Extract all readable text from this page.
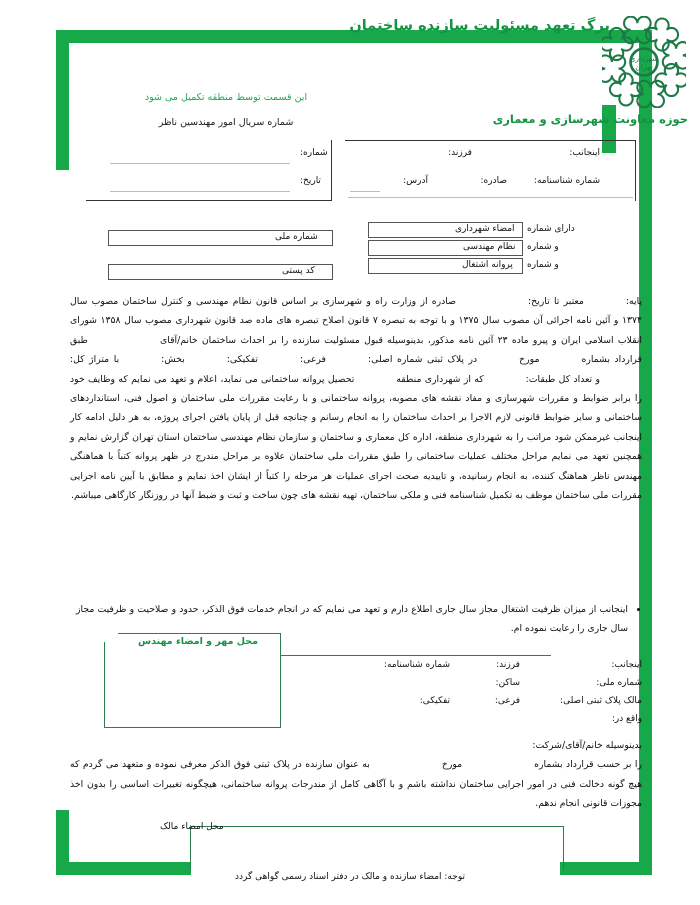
برگ تعهد مسئولیت سازنده ساختمان
شهرداری
تهران
حوزه معاونت شهرسازی و معماری
این قسمت توسط منطقه تکمیل می شود
شماره سریال امور مهندسین ناظر
شماره:
تاریخ:
اینجانب:
فرزند:
شماره شناسنامه:
صادره:
آدرس:
شماره ملی
کد پستی
امضاء شهرداری دارای شماره
نظام مهندسی و شماره
پروانه اشتغال و شماره

پایه:معتبر تا تاریخ:صادره از وزارت راه و شهرسازی بر اساس قانون نظام مهندسی و کنترل ساختمان مصوب سال ۱۳۷۴ و آئین نامه اجرائی آن مصوب سال ۱۳۷۵ و با توجه به تبصره ۷ قانون اصلاح تبصره های ماده صد قانون شهرداری مصوب سال ۱۳۵۸ شورای انقلاب اسلامی ایران و پیرو ماده ۲۳ آئین نامه مذکور، بدینوسیله قبول مسئولیت سازنده را بر احداث ساختمان خانم/آقایطبق قرارداد بشمارهمورخدر پلاک ثبتی شماره اصلی:فرعی:تفکیکی:بخش:با متراژ کل:و تعداد کل طبقات:که از شهرداری منطقهتحصیل پروانه ساختمانی می نماید، اعلام و تعهد می نمایم که وظایف خود را برابر ضوابط و مقررات شهرسازی و مفاد نقشه های مصوبه، پروانه ساختمانی و با رعایت مقررات ملی ساختمان و اصول فنی، استانداردهای ساختمانی و سایر ضوابط قانونی لازم الاجرا بر احداث ساختمان را به انجام رسانم و چنانچه قبل از پایان یافتن اجرای پروژه، به هر دلیل ادامه کار اینجانب غیرممکن شود مراتب را به شهرداری منطقه، اداره کل معماری و ساختمان و سازمان نظام مهندسی ساختمان استان تهران گزارش نمایم و همچنین تعهد می نمایم مراحل مختلف عملیات ساختمانی را طبق مقررات ملی ساختمان علاوه بر مراحل مندرج در ظهر پروانه کتباً با هماهنگی مهندس ناظر هماهنگ کننده، به انجام رسانیده، و تاییدیه صحت اجرای عملیات هر مرحله را کتباً از ایشان اخذ نمایم و مطابق با آیین نامه اجرایی مقررات ملی ساختمان موظف به تکمیل شناسنامه فنی و ملکی ساختمان، تهیه نقشه های چون ساخت و ثبت و ضبط آنها در روزنگار کارگاهی میباشم.

• اینجانب از میزان ظرفیت اشتغال مجاز سال جاری اطلاع دارم و تعهد می نمایم که در انجام خدمات فوق الذکر، حدود و صلاحیت و ظرفیت مجاز سال جاری را رعایت نموده ام.
محل مهر و امضاء مهندس
اینجانب:
فرزند:
شماره شناسنامه:
شماره ملی:
ساکن:
مالک پلاک ثبتی اصلی:
فرعی:
تفکیکی:
واقع در:

بدینوسیله خانم/آقای/شرکت:

را بر حسب قرارداد بشمارهمورخبه عنوان سازنده در پلاک ثبتی فوق الذکر معرفی نموده و متعهد می گردم که هیچ گونه دخالت فنی در امور اجرایی ساختمان نداشته باشم و با آگاهی کامل از مندرجات پروانه ساختمانی، هیچگونه تغییرات اساسی را بدون اخذ مجوزات قانونی انجام ندهم.

محل امضاء مالک
توجه: امضاء سازنده و مالک در دفتر اسناد رسمی گواهی گردد
